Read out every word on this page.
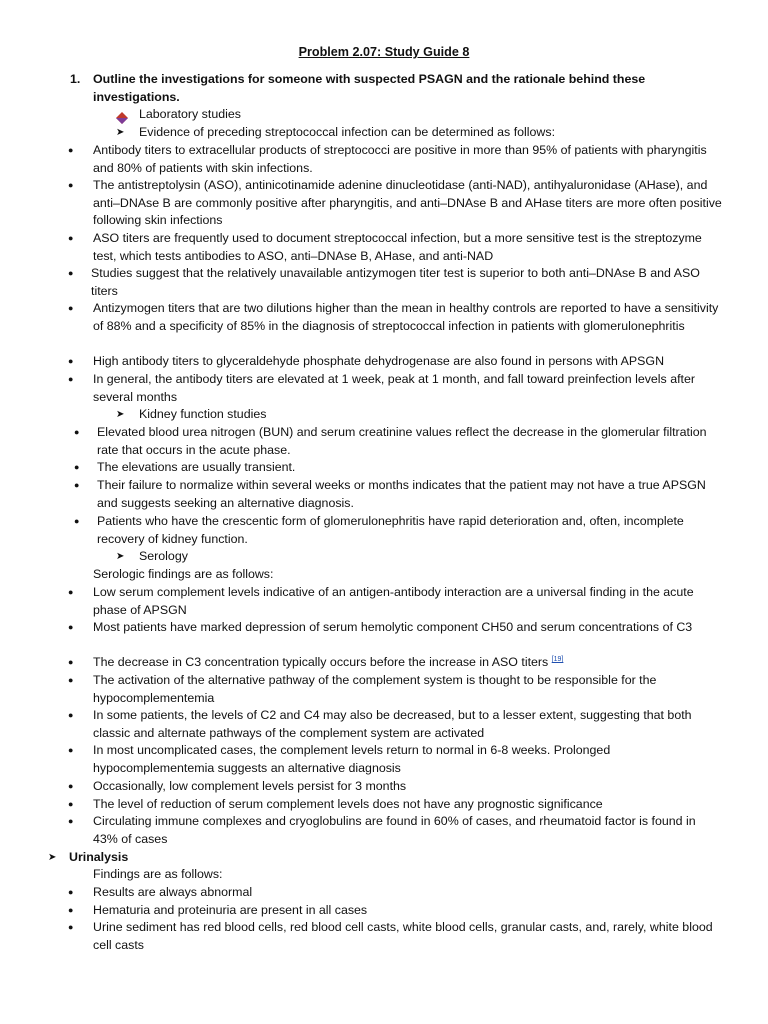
Problem 2.07: Study Guide 8
1. Outline the investigations for someone with suspected PSAGN and the rationale behind these investigations.
Laboratory studies
➤ Evidence of preceding streptococcal infection can be determined as follows:
● Antibody titers to extracellular products of streptococci are positive in more than 95% of patients with pharyngitis and 80% of patients with skin infections.
● The antistreptolysin (ASO), antinicotinamide adenine dinucleotidase (anti-NAD), antihyaluronidase (AHase), and anti–DNAse B are commonly positive after pharyngitis, and anti–DNAse B and AHase titers are more often positive following skin infections
● ASO titers are frequently used to document streptococcal infection, but a more sensitive test is the streptozyme test, which tests antibodies to ASO, anti–DNAse B, AHase, and anti-NAD
● Studies suggest that the relatively unavailable antizymogen titer test is superior to both anti–DNAse B and ASO titers
● Antizymogen titers that are two dilutions higher than the mean in healthy controls are reported to have a sensitivity of 88% and a specificity of 85% in the diagnosis of streptococcal infection in patients with glomerulonephritis
● High antibody titers to glyceraldehyde phosphate dehydrogenase are also found in persons with APSGN
● In general, the antibody titers are elevated at 1 week, peak at 1 month, and fall toward preinfection levels after several months
➤ Kidney function studies
● Elevated blood urea nitrogen (BUN) and serum creatinine values reflect the decrease in the glomerular filtration rate that occurs in the acute phase.
● The elevations are usually transient.
● Their failure to normalize within several weeks or months indicates that the patient may not have a true APSGN and suggests seeking an alternative diagnosis.
● Patients who have the crescentic form of glomerulonephritis have rapid deterioration and, often, incomplete recovery of kidney function.
➤ Serology
Serologic findings are as follows:
● Low serum complement levels indicative of an antigen-antibody interaction are a universal finding in the acute phase of APSGN
● Most patients have marked depression of serum hemolytic component CH50 and serum concentrations of C3
● The decrease in C3 concentration typically occurs before the increase in ASO titers [19]
● The activation of the alternative pathway of the complement system is thought to be responsible for the hypocomplementemia
● In some patients, the levels of C2 and C4 may also be decreased, but to a lesser extent, suggesting that both classic and alternate pathways of the complement system are activated
● In most uncomplicated cases, the complement levels return to normal in 6-8 weeks. Prolonged hypocomplementemia suggests an alternative diagnosis
● Occasionally, low complement levels persist for 3 months
● The level of reduction of serum complement levels does not have any prognostic significance
● Circulating immune complexes and cryoglobulins are found in 60% of cases, and rheumatoid factor is found in 43% of cases
➤ Urinalysis
Findings are as follows:
● Results are always abnormal
● Hematuria and proteinuria are present in all cases
● Urine sediment has red blood cells, red blood cell casts, white blood cells, granular casts, and, rarely, white blood cell casts
